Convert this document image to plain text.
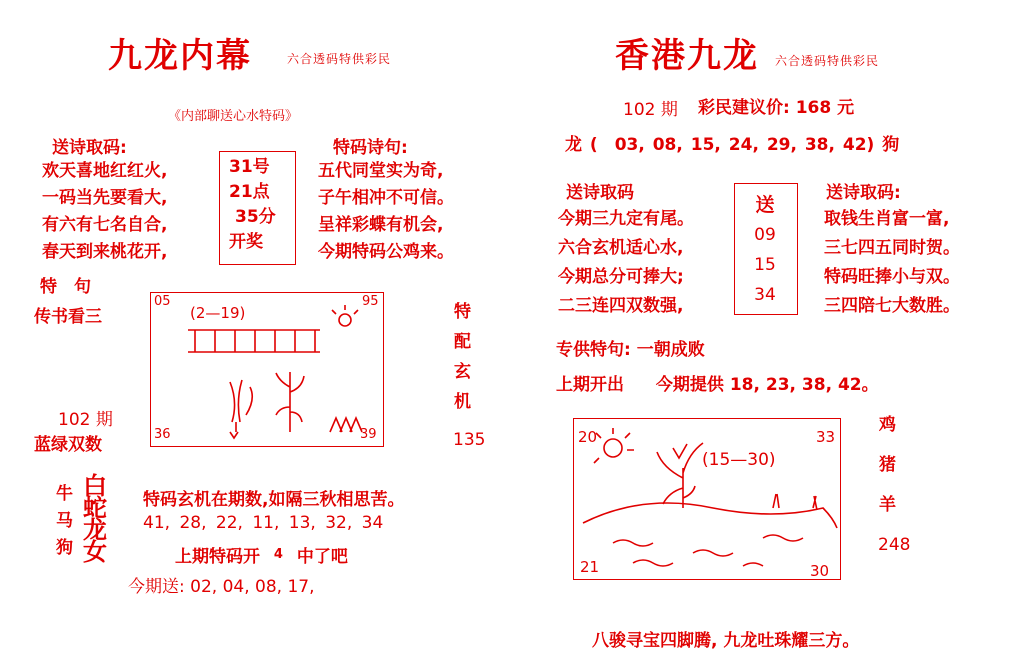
九龙内幕	六合透码特供彩民
《内部聊送心水特码》
送诗取码:
欢天喜地红红火,
一码当先要看大,
有六有七名自合,
春天到来桃花开,
31号
21点
35分
开奖
特码诗句:
五代同堂实为奇,
子午相冲不可信。
呈祥彩蝶有机会,
今期特码公鸡来。
特　句
传书看三
05	95
36	39
(2—19)	特
配
玄
机
102 期
蓝绿双数	135
牛
马
狗
白
蛇
龙
女
特码玄机在期数,如隔三秋相思苦。
41, 28, 22, 11, 13, 32, 34
上期特码开 $^4$ 中了吧
今期送: 02, 04, 08, 17,
香港九龙 六合透码特供彩民
102 期 彩民建议价: 168 元
龙 (　03, 08, 15, 24, 29, 38, 42) 狗
送诗取码
今期三九定有尾。
六合玄机适心水,
今期总分可捧大;
二三连四双数强,
送
09
15
34
送诗取码:
取钱生肖富一富,
三七四五同时贺。
特码旺捧小与双。
三四陪七大数胜。
专供特句: 一朝成败
上期开出 今期提供 18, 23, 38, 42。
20	33
21	30
(15—30)
鸡
猪
羊
248
八骏寻宝四脚腾, 九龙吐珠耀三方。
